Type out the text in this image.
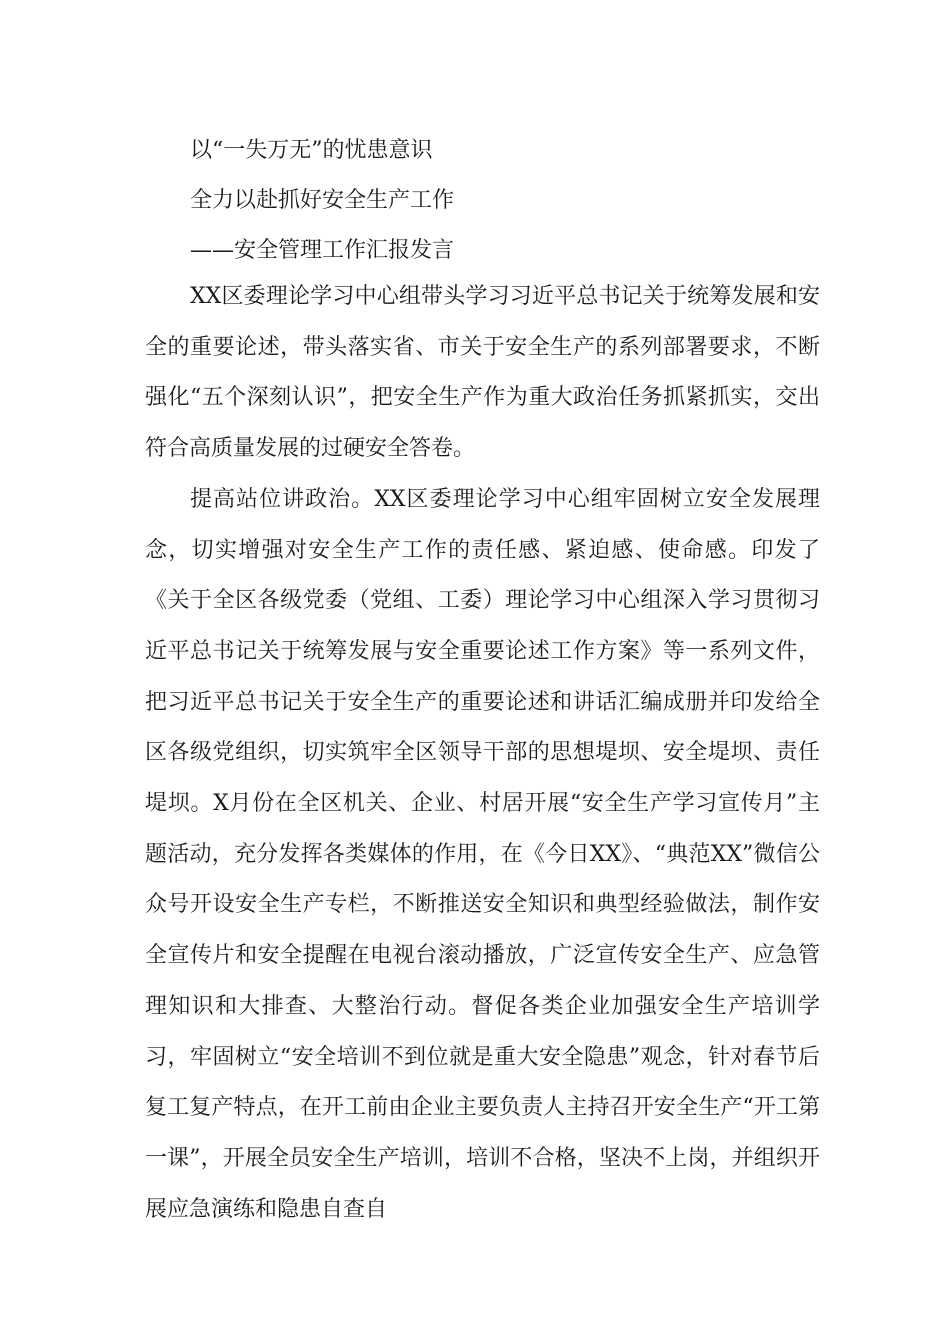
以“一失万无”的忧患意识
全力以赴抓好安全生产工作
——安全管理工作汇报发言

XX区委理论学习中心组带头学习习近平总书记关于统筹发展和安全的重要论述，带头落实省、市关于安全生产的系列部署要求，不断强化“五个深刻认识”，把安全生产作为重大政治任务抓紧抓实，交出符合高质量发展的过硬安全答卷。

提高站位讲政治。XX区委理论学习中心组牢固树立安全发展理念，切实增强对安全生产工作的责任感、紧迫感、使命感。印发了《关于全区各级党委（党组、工委）理论学习中心组深入学习贯彻习近平总书记关于统筹发展与安全重要论述工作方案》等一系列文件，把习近平总书记关于安全生产的重要论述和讲话汇编成册并印发给全区各级党组织，切实筑牢全区领导干部的思想堤坝、安全堤坝、责任堤坝。X月份在全区机关、企业、村居开展“安全生产学习宣传月”主题活动，充分发挥各类媒体的作用，在《今日XX》、“典范XX”微信公众号开设安全生产专栏，不断推送安全知识和典型经验做法，制作安全宣传片和安全提醒在电视台滚动播放，广泛宣传安全生产、应急管理知识和大排查、大整治行动。督促各类企业加强安全生产培训学习，牢固树立“安全培训不到位就是重大安全隐患”观念，针对春节后复工复产特点，在开工前由企业主要负责人主持召开安全生产“开工第一课”，开展全员安全生产培训，培训不合格，坚决不上岗，并组织开展应急演练和隐患自查自
